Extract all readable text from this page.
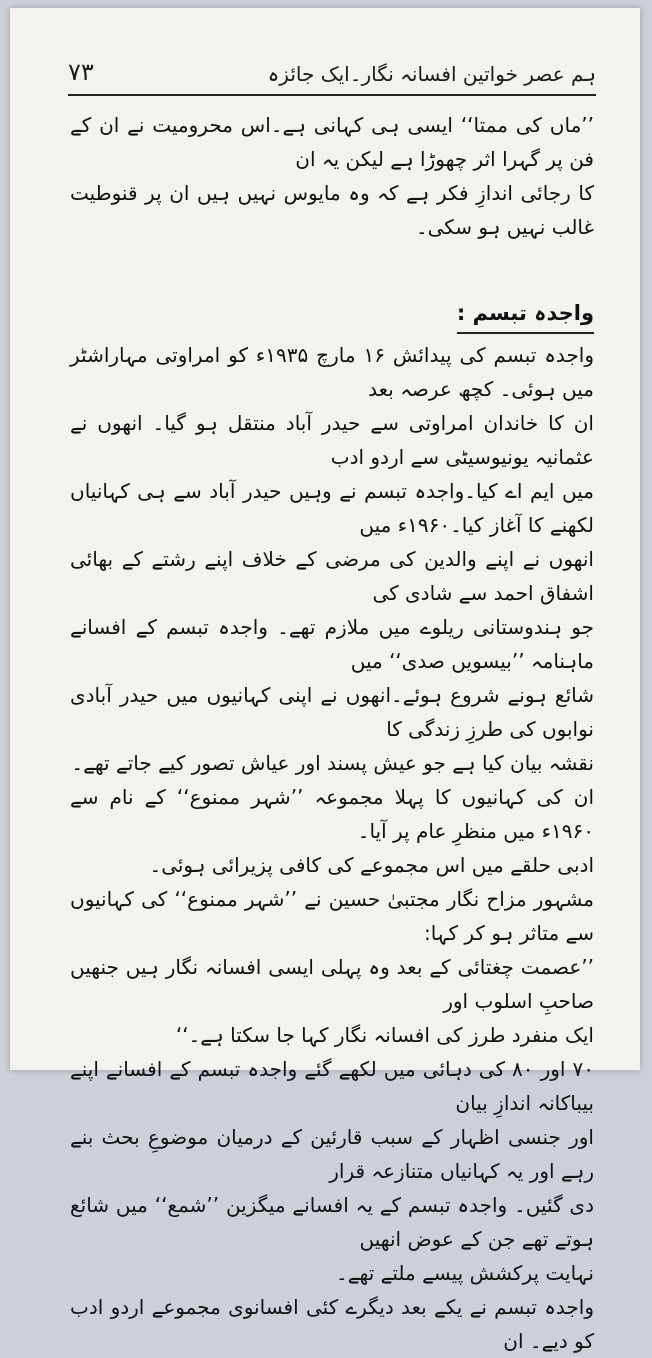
ہم عصر خواتین افسانہ نگار۔ایک جائزہ
۷۳

’’ماں کی ممتا‘‘ ایسی ہی کہانی ہے۔اس محرومیت نے ان کے فن پر گہرا اثر چھوڑا ہے لیکن یہ ان

کا رجائی اندازِ فکر ہے کہ وہ مایوس نہیں ہیں ان پر قنوطیت غالب نہیں ہو سکی۔

واجدہ تبسم :

واجدہ تبسم کی پیدائش ۱۶ مارچ ۱۹۳۵ء کو امراوتی مہاراشٹر میں ہوئی۔ کچھ عرصہ بعد

ان کا خاندان امراوتی سے حیدر آباد منتقل ہو گیا۔ انھوں نے عثمانیہ یونیوسیٹی سے اردو ادب

میں ایم اے کیا۔واجدہ تبسم نے وہیں حیدر آباد سے ہی کہانیاں لکھنے کا آغاز کیا۔۱۹۶۰ء میں

انھوں نے اپنے والدین کی مرضی کے خلاف اپنے رشتے کے بھائی اشفاق احمد سے شادی کی

جو ہندوستانی ریلوے میں ملازم تھے۔ واجدہ تبسم کے افسانے ماہنامہ ’’بیسویں صدی‘‘ میں

شائع ہونے شروع ہوئے۔انھوں نے اپنی کہانیوں میں حیدر آبادی نوابوں کی طرزِ زندگی کا

نقشہ بیان کیا ہے جو عیش پسند اور عیاش تصور کیے جاتے تھے۔

ان کی کہانیوں کا پہلا مجموعہ ’’شہر ممنوع‘‘ کے نام سے ۱۹۶۰ء میں منظرِ عام پر آیا۔

ادبی حلقے میں اس مجموعے کی کافی پزیرائی ہوئی۔

مشہور مزاح نگار مجتبیٰ حسین نے ’’شہر ممنوع‘‘ کی کہانیوں سے متاثر ہو کر کہا:

’’عصمت چغتائی کے بعد وہ پہلی ایسی افسانہ نگار ہیں جنھیں صاحبِ اسلوب اور

ایک منفرد طرز کی افسانہ نگار کہا جا سکتا ہے۔‘‘

۷۰ اور ۸۰ کی دہائی میں لکھے گئے واجدہ تبسم کے افسانے اپنے بیباکانہ اندازِ بیان

اور جنسی اظہار کے سبب قارئین کے درمیان موضوعِ بحث بنے رہے اور یہ کہانیاں متنازعہ قرار

دی گئیں۔ واجدہ تبسم کے یہ افسانے میگزین ’’شمع‘‘ میں شائع ہوتے تھے جن کے عوض انھیں

نہایت پرکشش پیسے ملتے تھے۔

واجدہ تبسم نے یکے بعد دیگرے کئی افسانوی مجموعے اردو ادب کو دیے۔ ان
